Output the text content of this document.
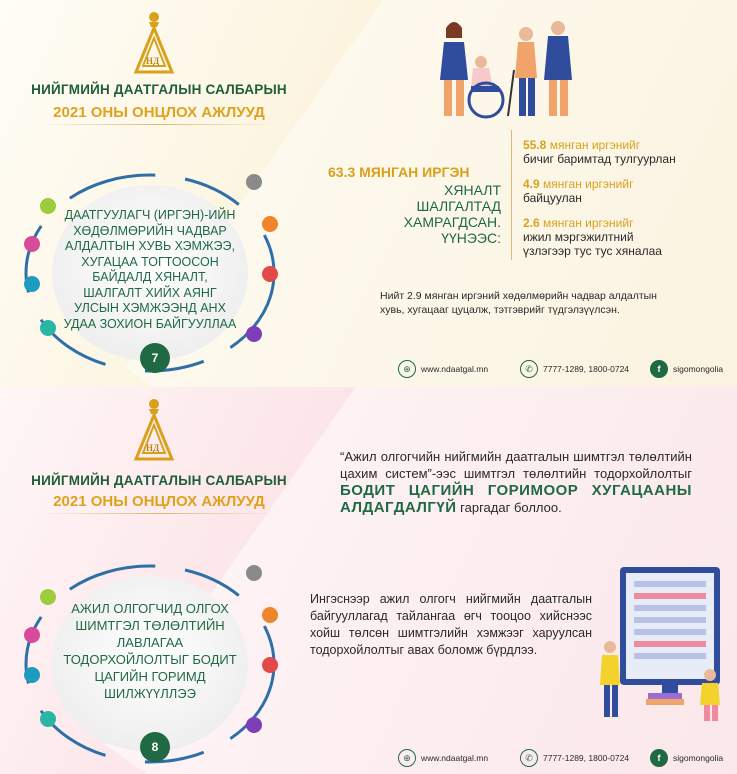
НД
НИЙГМИЙН ДААТГАЛЫН САЛБАРЫН
2021 ОНЫ ОНЦЛОХ АЖЛУУД
ДААТГУУЛАГЧ (ИРГЭН)-ИЙН ХӨДӨЛМӨРИЙН ЧАДВАР АЛДАЛТЫН ХУВЬ ХЭМЖЭЭ, ХУГАЦАА ТОГТООСОН БАЙДАЛД ХЯНАЛТ, ШАЛГАЛТ ХИЙХ АЯНГ УЛСЫН ХЭМЖЭЭНД АНХ УДАА ЗОХИОН БАЙГУУЛЛАА
7
63.3 МЯНГАН ИРГЭН
ХЯНАЛТ ШАЛГАЛТАД
ХАМРАГДСАН.
ҮҮНЭЭС:
55.8 мянган иргэнийг
бичиг баримтад тулгуурлан
4.9 мянган иргэнийг
байцуулан
2.6 мянган иргэнийг
ижил мэргэжилтний үзлэгээр тус тус хяналаа
Нийт 2.9 мянган иргэний хөдөлмөрийн чадвар алдалтын хувь, хугацааг цуцалж, тэтгэврийг түдгэлзүүлсэн.
⊕	www.ndaatgal.mn	✆	7777-1289, 1800-0724	f	sigomongolia
НД
НИЙГМИЙН ДААТГАЛЫН САЛБАРЫН
2021 ОНЫ ОНЦЛОХ АЖЛУУД
АЖИЛ ОЛГОГЧИД ОЛГОХ ШИМТГЭЛ ТӨЛӨЛТИЙН ЛАВЛАГАА ТОДОРХОЙЛОЛТЫГ БОДИТ ЦАГИЙН ГОРИМД ШИЛЖҮҮЛЛЭЭ
8
“Ажил олгогчийн нийгмийн даатгалын шимтгэл төлөлтийн цахим систем”-ээс шимтгэл төлөлтийн тодорхойлолтыг БОДИТ ЦАГИЙН ГОРИМООР ХУГАЦААНЫ АЛДАГДАЛГҮЙ гаргадаг боллоо.
Ингэснээр ажил олгогч нийгмийн даатгалын байгууллагад тайлангаа өгч тооцоо хийснээс хойш төлсөн шимтгэлийн хэмжээг харуулсан тодорхойлолтыг авах боломж бүрдлээ.
⊕	www.ndaatgal.mn	✆	7777-1289, 1800-0724	f	sigomongolia
